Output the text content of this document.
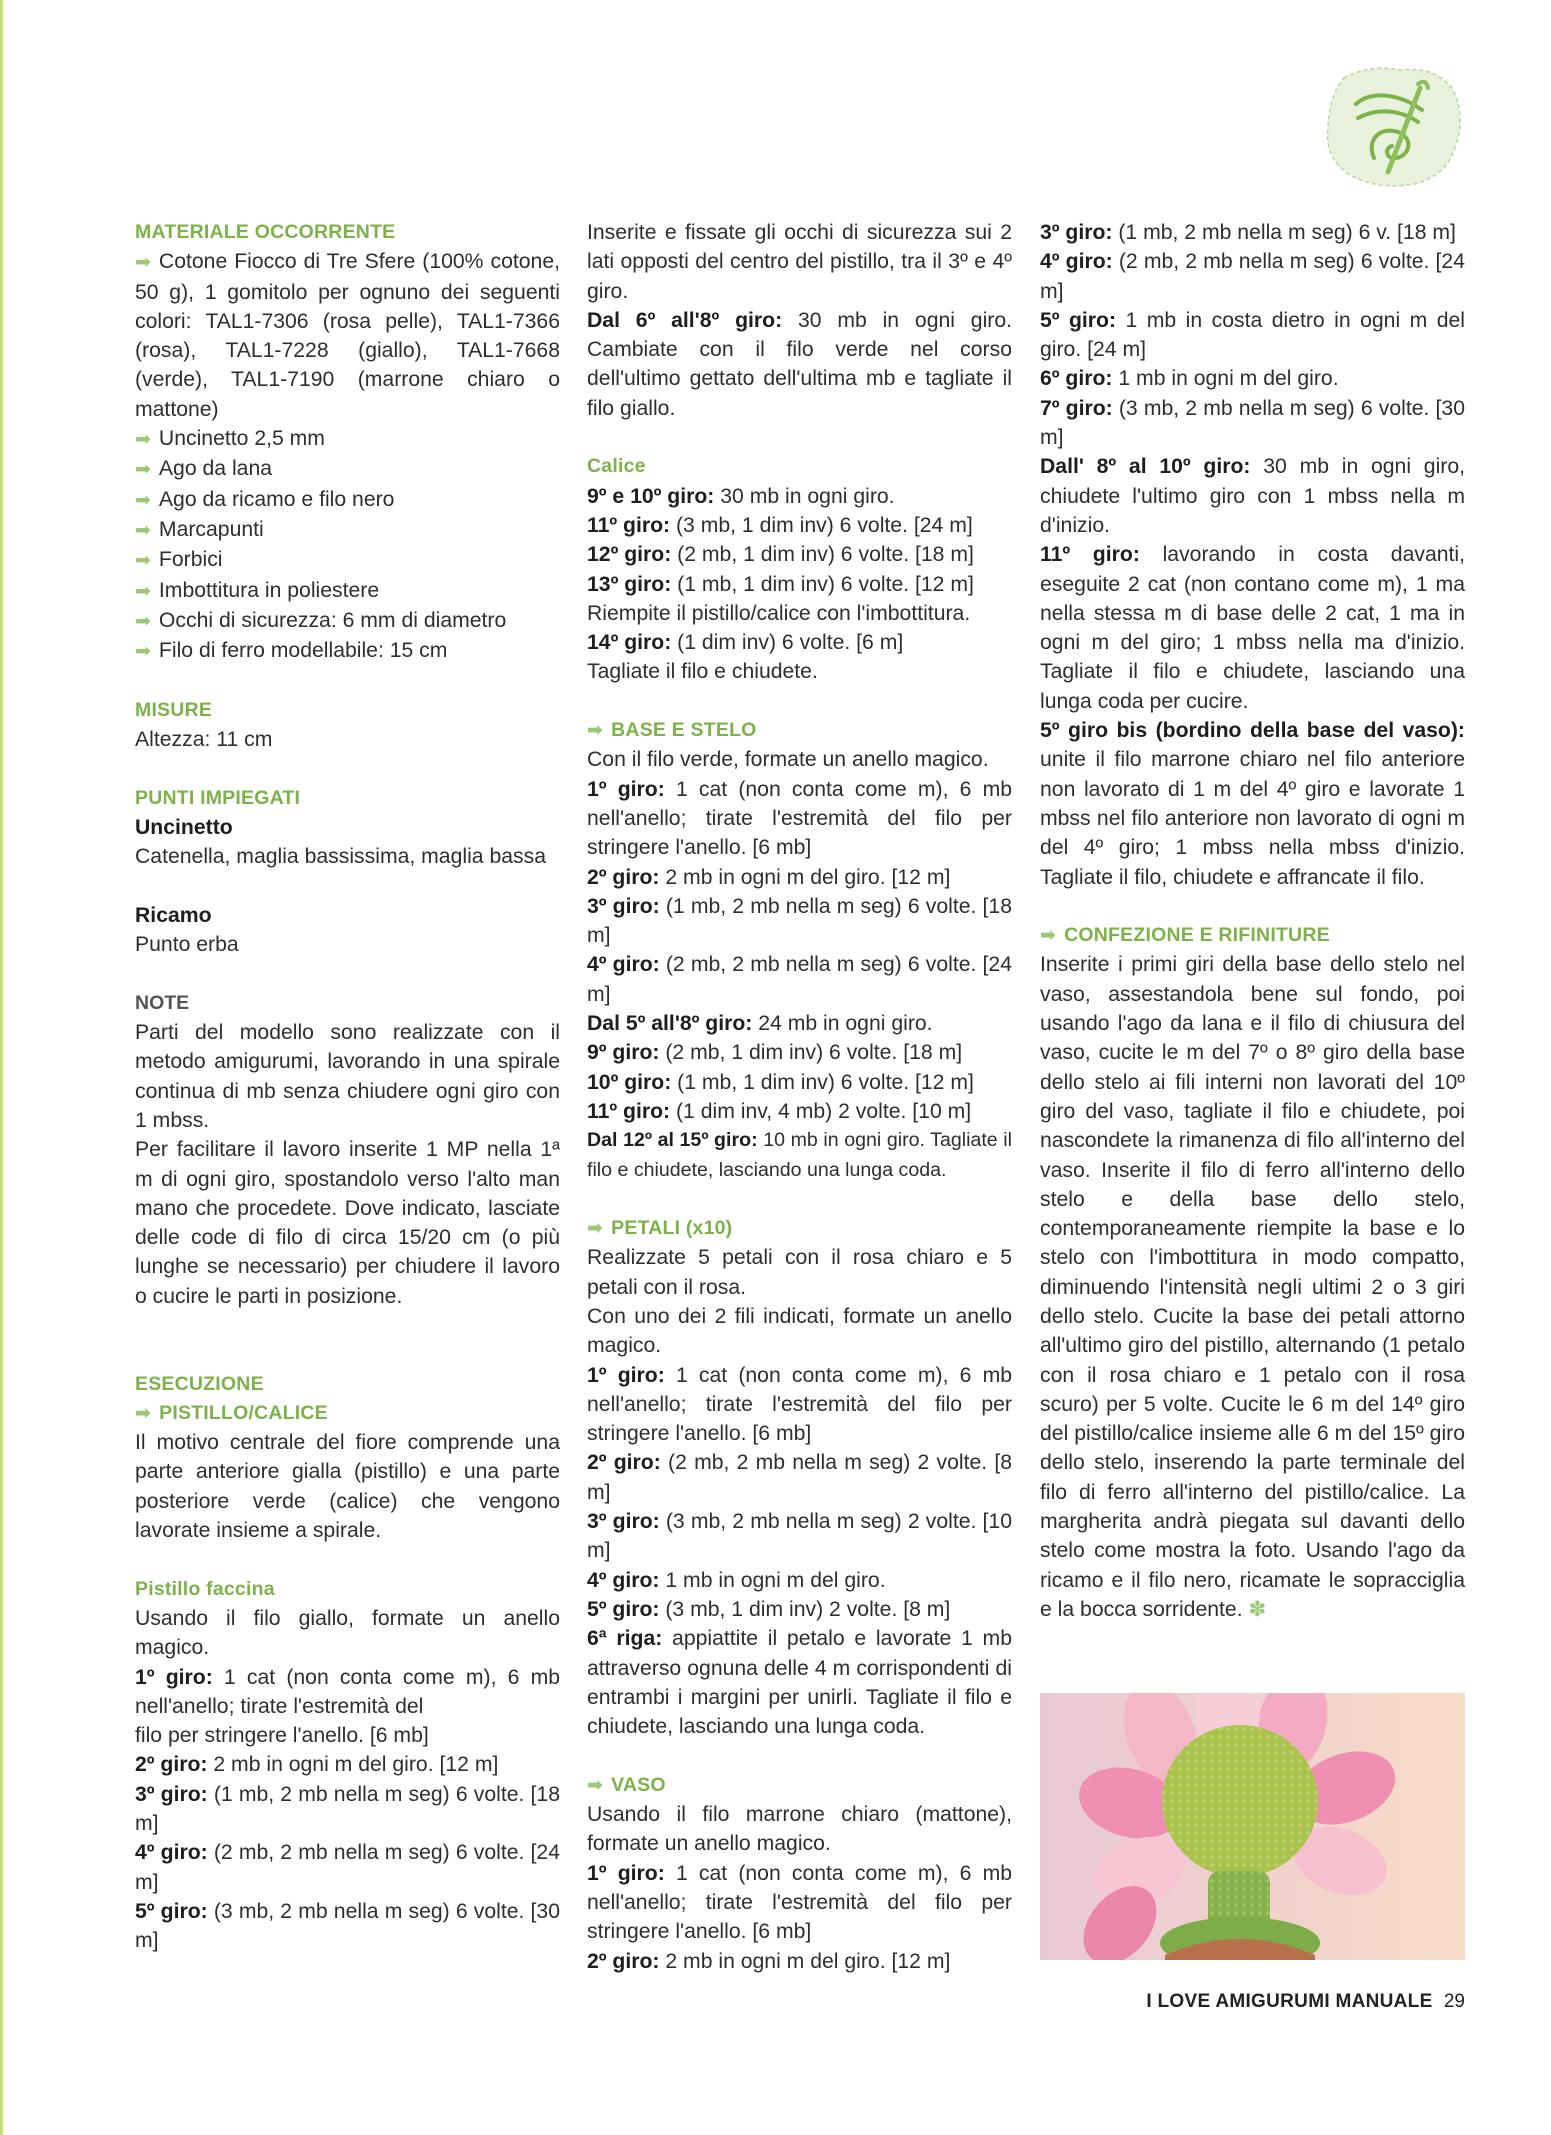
MATERIALE OCCORRENTE

➡ Cotone Fiocco di Tre Sfere (100% cotone, 50 g), 1 gomitolo per ognuno dei seguenti colori: TAL1-7306 (rosa pelle), TAL1-7366 (rosa), TAL1-7228 (giallo), TAL1-7668 (verde), TAL1-7190 (marrone chiaro o mattone)

➡ Uncinetto 2,5 mm

➡ Ago da lana

➡ Ago da ricamo e filo nero

➡ Marcapunti

➡ Forbici

➡ Imbottitura in poliestere

➡ Occhi di sicurezza: 6 mm di diametro

➡ Filo di ferro modellabile: 15 cm

MISURE

Altezza: 11 cm

PUNTI IMPIEGATI

Uncinetto

Catenella, maglia bassissima, maglia bassa

Ricamo

Punto erba

NOTE

Parti del modello sono realizzate con il metodo amigurumi, lavorando in una spirale continua di mb senza chiudere ogni giro con 1 mbss.

Per facilitare il lavoro inserite 1 MP nella 1ª m di ogni giro, spostandolo verso l'alto man mano che procedete. Dove indicato, lasciate delle code di filo di circa 15/20 cm (o più lunghe se necessario) per chiudere il lavoro o cucire le parti in posizione.

ESECUZIONE

➡ PISTILLO/CALICE

Il motivo centrale del fiore comprende una parte anteriore gialla (pistillo) e una parte posteriore verde (calice) che vengono lavorate insieme a spirale.

Pistillo faccina

Usando il filo giallo, formate un anello magico.

1º giro: 1 cat (non conta come m), 6 mb nell'anello; tirate l'estremità del

filo per stringere l'anello. [6 mb]

2º giro: 2 mb in ogni m del giro. [12 m]

3º giro: (1 mb, 2 mb nella m seg) 6 volte. [18 m]

4º giro: (2 mb, 2 mb nella m seg) 6 volte. [24 m]

5º giro: (3 mb, 2 mb nella m seg) 6 volte. [30 m]

Inserite e fissate gli occhi di sicurezza sui 2 lati opposti del centro del pistillo, tra il 3º e 4º giro.

Dal 6º all'8º giro: 30 mb in ogni giro. Cambiate con il filo verde nel corso dell'ultimo gettato dell'ultima mb e tagliate il filo giallo.

Calice

9º e 10º giro: 30 mb in ogni giro.

11º giro: (3 mb, 1 dim inv) 6 volte. [24 m]

12º giro: (2 mb, 1 dim inv) 6 volte. [18 m]

13º giro: (1 mb, 1 dim inv) 6 volte. [12 m]

Riempite il pistillo/calice con l'imbottitura.

14º giro: (1 dim inv) 6 volte. [6 m]

Tagliate il filo e chiudete.

➡ BASE E STELO

Con il filo verde, formate un anello magico.

1º giro: 1 cat (non conta come m), 6 mb nell'anello; tirate l'estremità del filo per stringere l'anello. [6 mb]

2º giro: 2 mb in ogni m del giro. [12 m]

3º giro: (1 mb, 2 mb nella m seg) 6 volte. [18 m]

4º giro: (2 mb, 2 mb nella m seg) 6 volte. [24 m]

Dal 5º all'8º giro: 24 mb in ogni giro.

9º giro: (2 mb, 1 dim inv) 6 volte. [18 m]

10º giro: (1 mb, 1 dim inv) 6 volte. [12 m]

11º giro: (1 dim inv, 4 mb) 2 volte. [10 m]

Dal 12º al 15º giro: 10 mb in ogni giro. Tagliate il filo e chiudete, lasciando una lunga coda.

➡ PETALI (x10)

Realizzate 5 petali con il rosa chiaro e 5 petali con il rosa.

Con uno dei 2 fili indicati, formate un anello magico.

1º giro: 1 cat (non conta come m), 6 mb nell'anello; tirate l'estremità del filo per stringere l'anello. [6 mb]

2º giro: (2 mb, 2 mb nella m seg) 2 volte. [8 m]

3º giro: (3 mb, 2 mb nella m seg) 2 volte. [10 m]

4º giro: 1 mb in ogni m del giro.

5º giro: (3 mb, 1 dim inv) 2 volte. [8 m]

6ª riga: appiattite il petalo e lavorate 1 mb attraverso ognuna delle 4 m corrispondenti di entrambi i margini per unirli. Tagliate il filo e chiudete, lasciando una lunga coda.

➡ VASO

Usando il filo marrone chiaro (mattone), formate un anello magico.

1º giro: 1 cat (non conta come m), 6 mb nell'anello; tirate l'estremità del filo per stringere l'anello. [6 mb]

2º giro: 2 mb in ogni m del giro. [12 m]

3º giro: (1 mb, 2 mb nella m seg) 6 v. [18 m]

4º giro: (2 mb, 2 mb nella m seg) 6 volte. [24 m]

5º giro: 1 mb in costa dietro in ogni m del giro. [24 m]

6º giro: 1 mb in ogni m del giro.

7º giro: (3 mb, 2 mb nella m seg) 6 volte. [30 m]

Dall' 8º al 10º giro: 30 mb in ogni giro, chiudete l'ultimo giro con 1 mbss nella m d'inizio.

11º giro: lavorando in costa davanti, eseguite 2 cat (non contano come m), 1 ma nella stessa m di base delle 2 cat, 1 ma in ogni m del giro; 1 mbss nella ma d'inizio. Tagliate il filo e chiudete, lasciando una lunga coda per cucire.

5º giro bis (bordino della base del vaso): unite il filo marrone chiaro nel filo anteriore non lavorato di 1 m del 4º giro e lavorate 1 mbss nel filo anteriore non lavorato di ogni m del 4º giro; 1 mbss nella mbss d'inizio. Tagliate il filo, chiudete e affrancate il filo.

➡ CONFEZIONE E RIFINITURE

Inserite i primi giri della base dello stelo nel vaso, assestandola bene sul fondo, poi usando l'ago da lana e il filo di chiusura del vaso, cucite le m del 7º o 8º giro della base dello stelo ai fili interni non lavorati del 10º giro del vaso, tagliate il filo e chiudete, poi nascondete la rimanenza di filo all'interno del vaso. Inserite il filo di ferro all'interno dello stelo e della base dello stelo, contemporaneamente riempite la base e lo stelo con l'imbottitura in modo compatto, diminuendo l'intensità negli ultimi 2 o 3 giri dello stelo. Cucite la base dei petali attorno all'ultimo giro del pistillo, alternando (1 petalo con il rosa chiaro e 1 petalo con il rosa scuro) per 5 volte. Cucite le 6 m del 14º giro del pistillo/calice insieme alle 6 m del 15º giro dello stelo, inserendo la parte terminale del filo di ferro all'interno del pistillo/calice. La margherita andrà piegata sul davanti dello stelo come mostra la foto. Usando l'ago da ricamo e il filo nero, ricamate le sopracciglia e la bocca sorridente. ✽

I LOVE AMIGURUMI MANUALE 29
